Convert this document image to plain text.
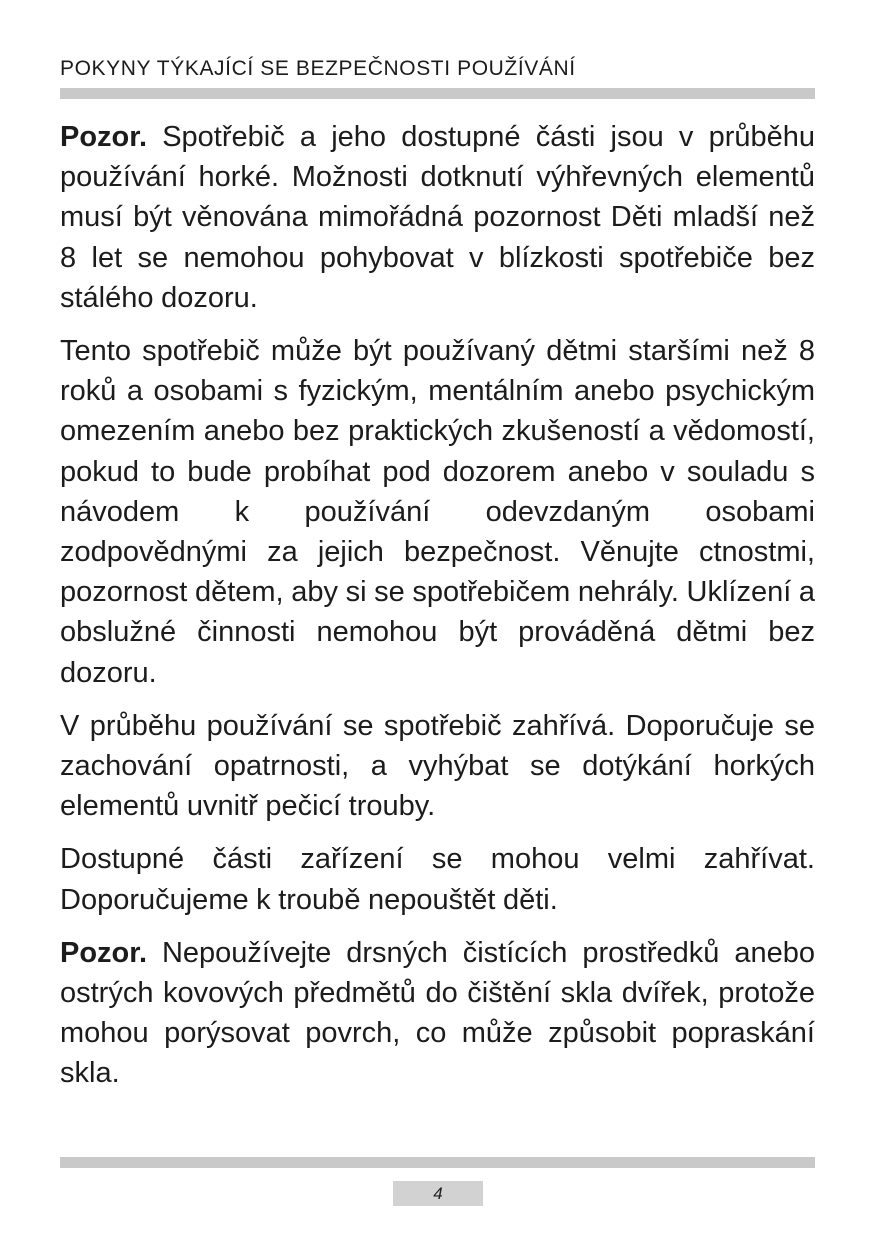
POKYNY TÝKAJÍCÍ SE BEZPEČNOSTI POUŽÍVÁNÍ

Pozor. Spotřebič a jeho dostupné části jsou v průběhu používání horké. Možnosti dotknutí výhřevných elementů musí být věnována mimořádná pozornost Děti mladší než 8 let se nemohou pohybovat v blízkosti spotřebiče bez stálého dozoru.

Tento spotřebič může být používaný dětmi staršími než 8 roků a osobami s fyzickým, mentálním anebo psychickým omezením anebo bez praktických zkušeností a vědomostí, pokud to bude probíhat pod dozorem anebo v souladu s návodem k používání odevzdaným osobami zodpovědnými za jejich bezpečnost. Věnujte ctnostmi, pozornost dětem, aby si se spotřebičem nehrály. Uklízení a obslužné činnosti nemohou být prováděná dětmi bez dozoru.

V průběhu používání se spotřebič zahřívá. Doporučuje se zachování opatrnosti, a vyhýbat se dotýkání horkých elementů uvnitř pečicí trouby.

Dostupné části zařízení se mohou velmi zahřívat. Doporučujeme k troubě nepouštět děti.

Pozor. Nepoužívejte drsných čistících prostředků anebo ostrých kovových předmětů do čištění skla dvířek, protože mohou porýsovat povrch, co může způsobit popraskání skla.

4
